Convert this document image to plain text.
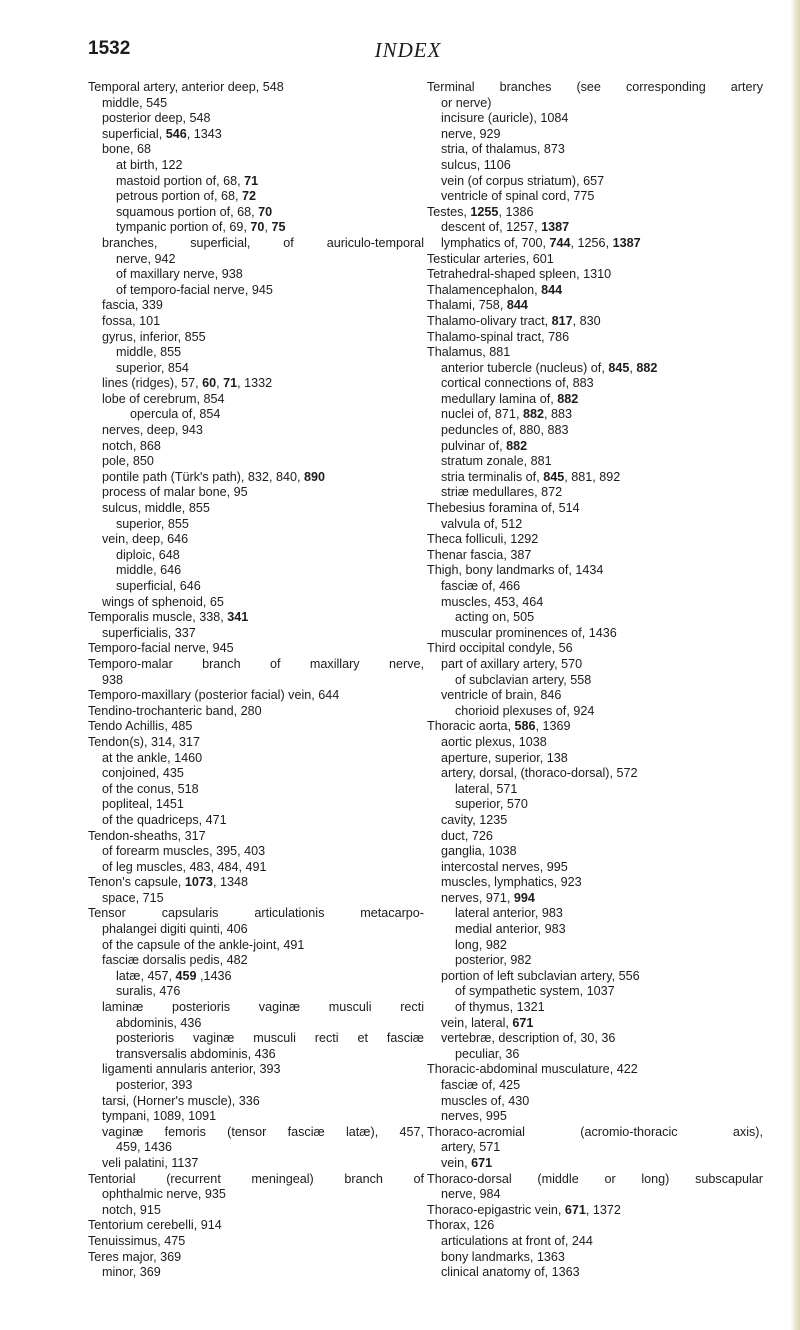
1532	INDEX
Temporal artery, anterior deep, 548
middle, 545
posterior deep, 548
superficial, 546, 1343
bone, 68
at birth, 122
mastoid portion of, 68, 71
petrous portion of, 68, 72
squamous portion of, 68, 70
tympanic portion of, 69, 70, 75
branches, superficial, of auriculo-temporal
nerve, 942
of maxillary nerve, 938
of temporo-facial nerve, 945
fascia, 339
fossa, 101
gyrus, inferior, 855
middle, 855
superior, 854
lines (ridges), 57, 60, 71, 1332
lobe of cerebrum, 854
opercula of, 854
nerves, deep, 943
notch, 868
pole, 850
pontile path (Türk's path), 832, 840, 890
process of malar bone, 95
sulcus, middle, 855
superior, 855
vein, deep, 646
diploic, 648
middle, 646
superficial, 646
wings of sphenoid, 65
Temporalis muscle, 338, 341
superficialis, 337
Temporo-facial nerve, 945
Temporo-malar branch of maxillary nerve,
938
Temporo-maxillary (posterior facial) vein, 644
Tendino-trochanteric band, 280
Tendo Achillis, 485
Tendon(s), 314, 317
at the ankle, 1460
conjoined, 435
of the conus, 518
popliteal, 1451
of the quadriceps, 471
Tendon-sheaths, 317
of forearm muscles, 395, 403
of leg muscles, 483, 484, 491
Tenon's capsule, 1073, 1348
space, 715
Tensor capsularis articulationis metacarpo-
phalangei digiti quinti, 406
of the capsule of the ankle-joint, 491
fasciæ dorsalis pedis, 482
latæ, 457, 459 ,1436
suralis, 476
laminæ posterioris vaginæ musculi recti
abdominis, 436
posterioris vaginæ musculi recti et fasciæ
transversalis abdominis, 436
ligamenti annularis anterior, 393
posterior, 393
tarsi, (Horner's muscle), 336
tympani, 1089, 1091
vaginæ femoris (tensor fasciæ latæ), 457,
459, 1436
veli palatini, 1137
Tentorial (recurrent meningeal) branch of
ophthalmic nerve, 935
notch, 915
Tentorium cerebelli, 914
Tenuissimus, 475
Teres major, 369
minor, 369
Terminal branches (see corresponding artery
or nerve)
incisure (auricle), 1084
nerve, 929
stria, of thalamus, 873
sulcus, 1106
vein (of corpus striatum), 657
ventricle of spinal cord, 775
Testes, 1255, 1386
descent of, 1257, 1387
lymphatics of, 700, 744, 1256, 1387
Testicular arteries, 601
Tetrahedral-shaped spleen, 1310
Thalamencephalon, 844
Thalami, 758, 844
Thalamo-olivary tract, 817, 830
Thalamo-spinal tract, 786
Thalamus, 881
anterior tubercle (nucleus) of, 845, 882
cortical connections of, 883
medullary lamina of, 882
nuclei of, 871, 882, 883
peduncles of, 880, 883
pulvinar of, 882
stratum zonale, 881
stria terminalis of, 845, 881, 892
striæ medullares, 872
Thebesius foramina of, 514
valvula of, 512
Theca folliculi, 1292
Thenar fascia, 387
Thigh, bony landmarks of, 1434
fasciæ of, 466
muscles, 453, 464
acting on, 505
muscular prominences of, 1436
Third occipital condyle, 56
part of axillary artery, 570
of subclavian artery, 558
ventricle of brain, 846
chorioid plexuses of, 924
Thoracic aorta, 586, 1369
aortic plexus, 1038
aperture, superior, 138
artery, dorsal, (thoraco-dorsal), 572
lateral, 571
superior, 570
cavity, 1235
duct, 726
ganglia, 1038
intercostal nerves, 995
muscles, lymphatics, 923
nerves, 971, 994
lateral anterior, 983
medial anterior, 983
long, 982
posterior, 982
portion of left subclavian artery, 556
of sympathetic system, 1037
of thymus, 1321
vein, lateral, 671
vertebræ, description of, 30, 36
peculiar, 36
Thoracic-abdominal musculature, 422
fasciæ of, 425
muscles of, 430
nerves, 995
Thoraco-acromial (acromio-thoracic axis),
artery, 571
vein, 671
Thoraco-dorsal (middle or long) subscapular
nerve, 984
Thoraco-epigastric vein, 671, 1372
Thorax, 126
articulations at front of, 244
bony landmarks, 1363
clinical anatomy of, 1363
